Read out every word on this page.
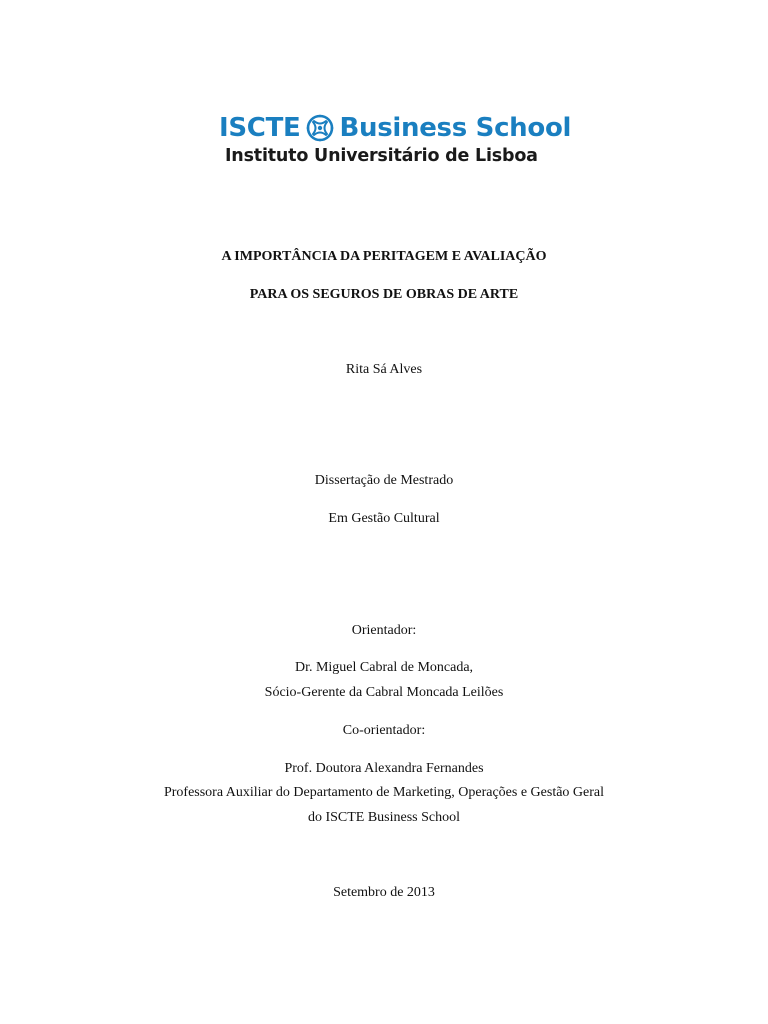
ISCTE Business School
Instituto Universitário de Lisboa
A IMPORTÂNCIA DA PERITAGEM E AVALIAÇÃO
PARA OS SEGUROS DE OBRAS DE ARTE
Rita Sá Alves
Dissertação de Mestrado
Em Gestão Cultural
Orientador:
Dr. Miguel Cabral de Moncada,
Sócio-Gerente da Cabral Moncada Leilões
Co-orientador:
Prof. Doutora Alexandra Fernandes
Professora Auxiliar do Departamento de Marketing, Operações e Gestão Geral
do ISCTE Business School
Setembro de 2013
